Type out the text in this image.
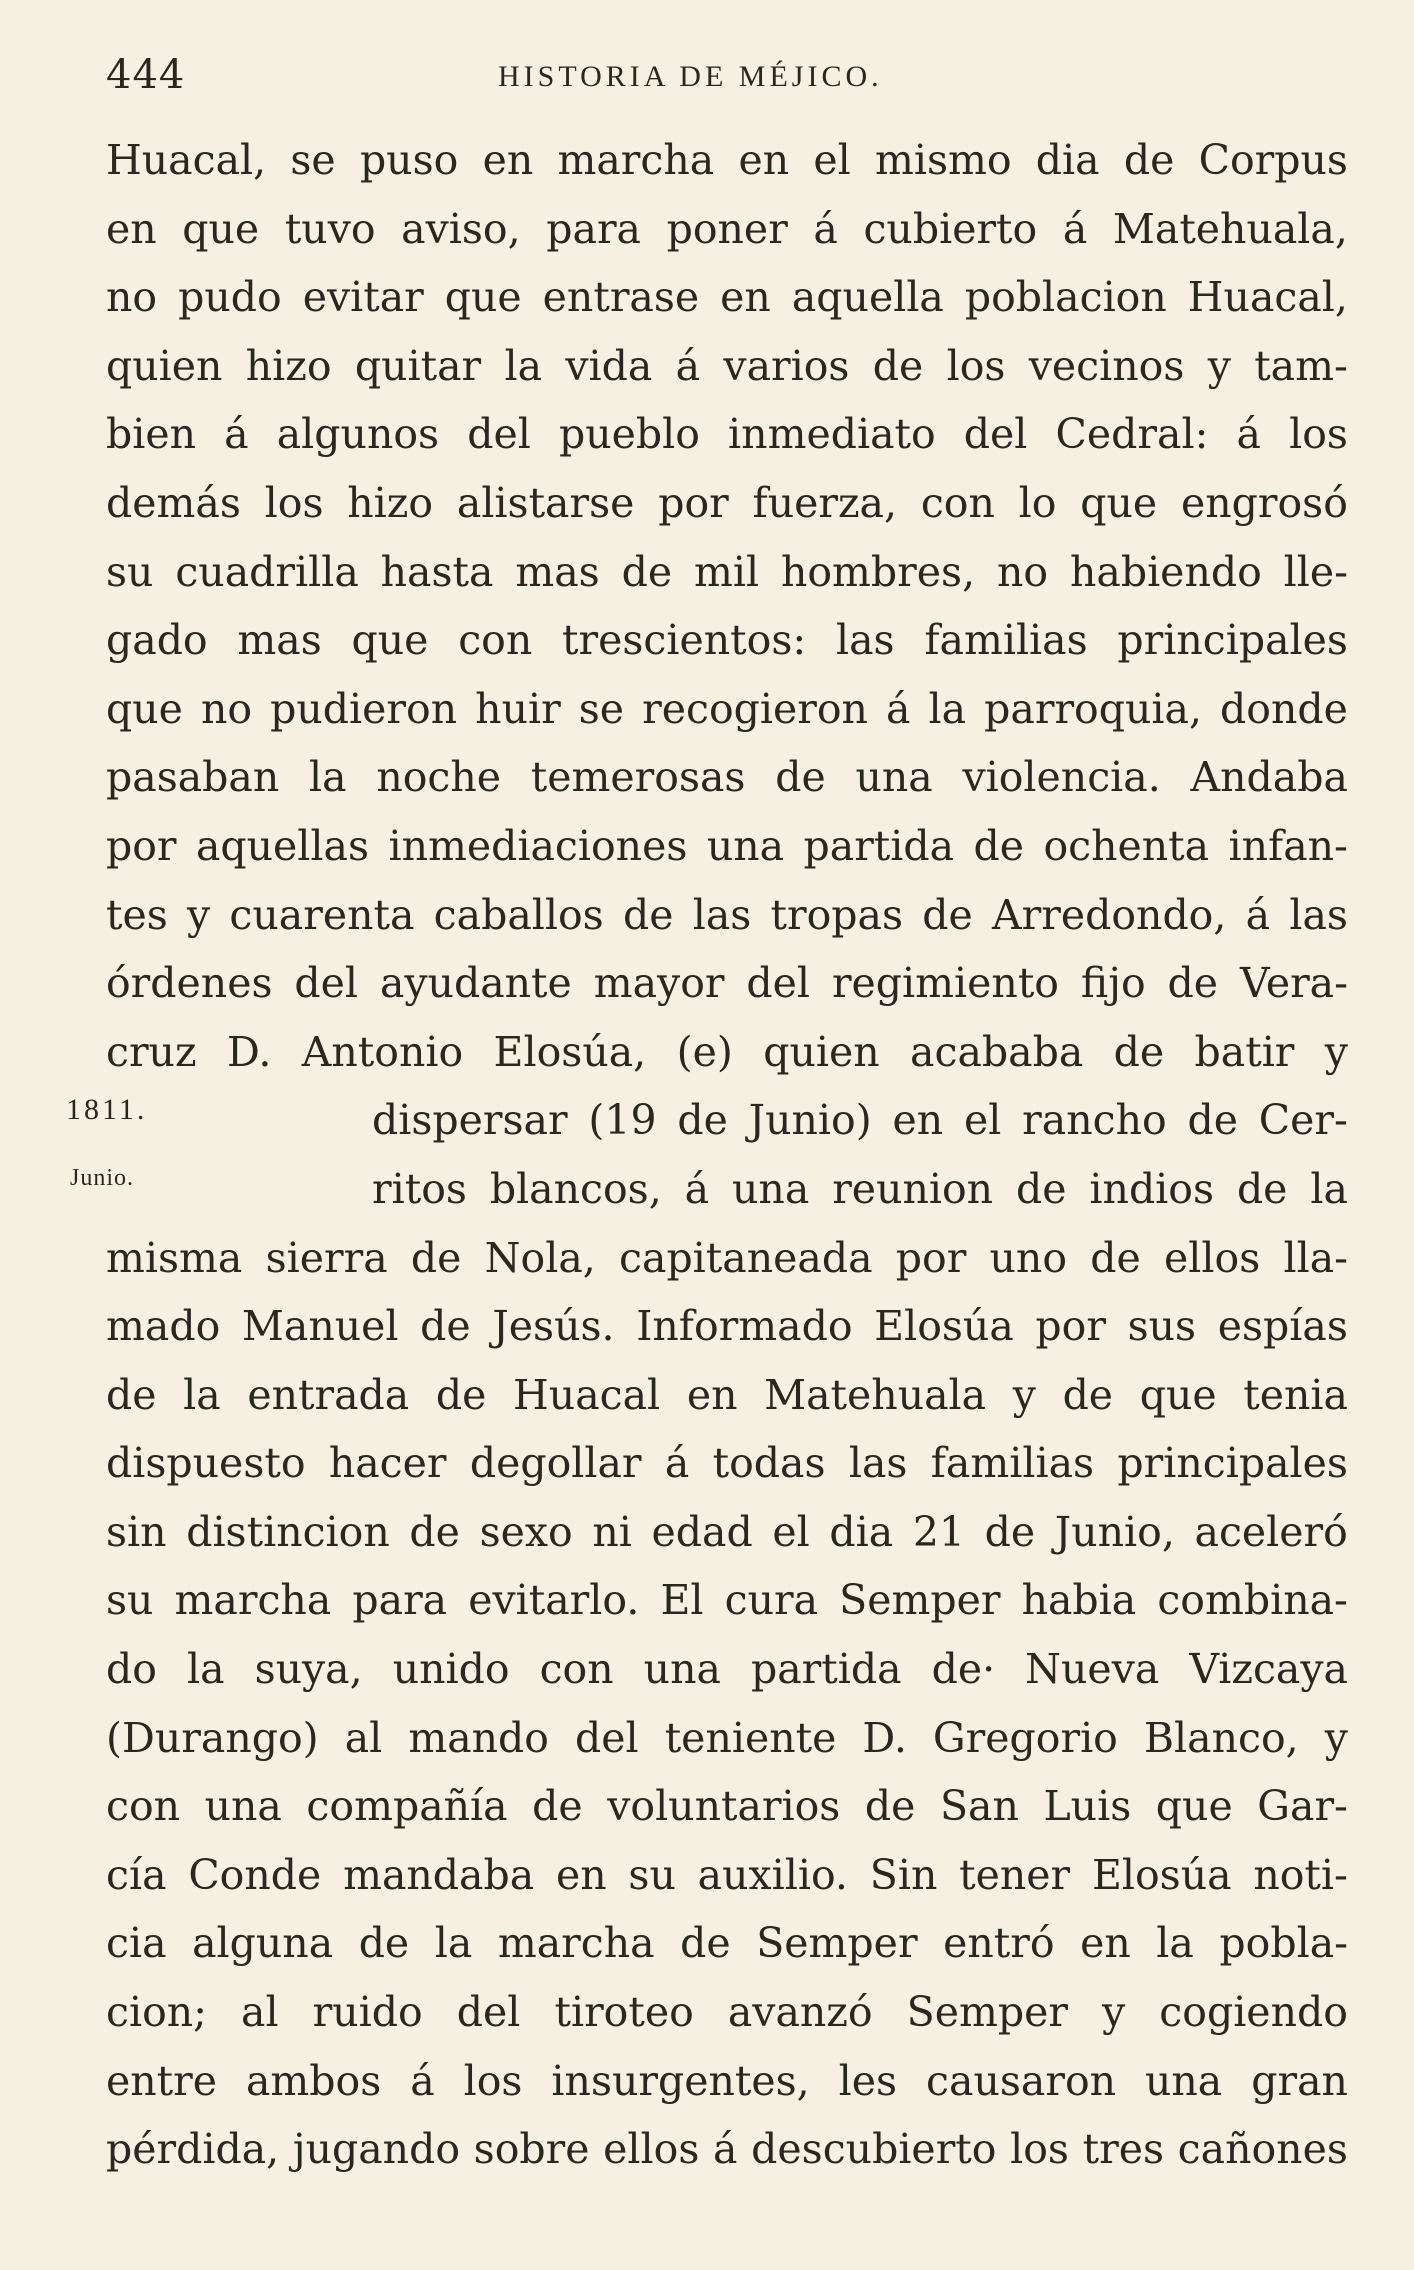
444	HISTORIA DE MÉJICO.
1811.
Junio.
Huacal, se puso en marcha en el mismo dia de Corpus
en que tuvo aviso, para poner á cubierto á Matehuala,
no pudo evitar que entrase en aquella poblacion Huacal,
quien hizo quitar la vida á varios de los vecinos y tam-
bien á algunos del pueblo inmediato del Cedral: á los
demás los hizo alistarse por fuerza, con lo que engrosó
su cuadrilla hasta mas de mil hombres, no habiendo lle-
gado mas que con trescientos: las familias principales
que no pudieron huir se recogieron á la parroquia, donde
pasaban la noche temerosas de una violencia. Andaba
por aquellas inmediaciones una partida de ochenta infan-
tes y cuarenta caballos de las tropas de Arredondo, á las
órdenes del ayudante mayor del regimiento fijo de Vera-
cruz D. Antonio Elosúa, (e) quien acababa de batir y
dispersar (19 de Junio) en el rancho de Cer-
ritos blancos, á una reunion de indios de la
misma sierra de Nola, capitaneada por uno de ellos lla-
mado Manuel de Jesús. Informado Elosúa por sus espías
de la entrada de Huacal en Matehuala y de que tenia
dispuesto hacer degollar á todas las familias principales
sin distincion de sexo ni edad el dia 21 de Junio, aceleró
su marcha para evitarlo. El cura Semper habia combina-
do la suya, unido con una partida de· Nueva Vizcaya
(Durango) al mando del teniente D. Gregorio Blanco, y
con una compañía de voluntarios de San Luis que Gar-
cía Conde mandaba en su auxilio. Sin tener Elosúa noti-
cia alguna de la marcha de Semper entró en la pobla-
cion; al ruido del tiroteo avanzó Semper y cogiendo
entre ambos á los insurgentes, les causaron una gran
pérdida, jugando sobre ellos á descubierto los tres cañones
